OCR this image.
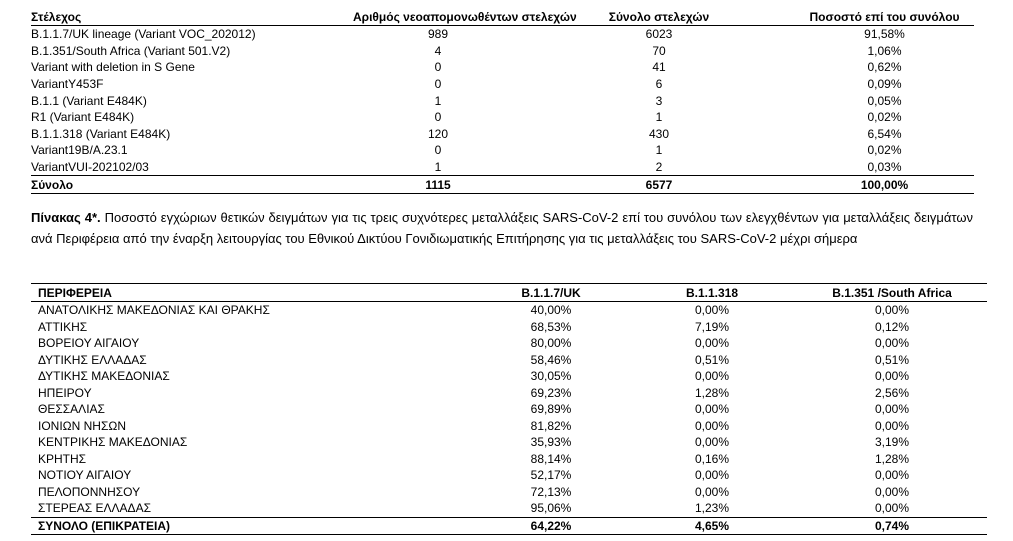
Στέλεχος	Αριθμός νεοαπομονωθέντων στελεχών	Σύνολο στελεχών	Ποσοστό επί του συνόλου
B.1.1.7/UK lineage (Variant VOC_202012)	989	6023	91,58%
B.1.351/South Africa (Variant 501.V2)	4	70	1,06%
Variant with deletion in S Gene	0	41	0,62%
VariantY453F	0	6	0,09%
B.1.1 (Variant E484K)	1	3	0,05%
R1 (Variant E484K)	0	1	0,02%
B.1.1.318 (Variant E484K)	120	430	6,54%
Variant19B/A.23.1	0	1	0,02%
VariantVUI-202102/03	1	2	0,03%
Σύνολο	1115	6577	100,00%
Πίνακας 4*. Ποσοστό εγχώριων θετικών δειγμάτων για τις τρεις συχνότερες μεταλλάξεις SARS-CoV-2 επί του συνόλου των ελεγχθέντων για μεταλλάξεις δειγμάτων ανά Περιφέρεια από την έναρξη λειτουργίας του Εθνικού Δικτύου Γονιδιωματικής Επιτήρησης για τις μεταλλάξεις του SARS-CoV-2 μέχρι σήμερα
ΠΕΡΙΦΕΡΕΙΑ	B.1.1.7/UK	B.1.1.318	B.1.351 /South Africa
ΑΝΑΤΟΛΙΚΗΣ ΜΑΚΕΔΟΝΙΑΣ ΚΑΙ ΘΡΑΚΗΣ	40,00%	0,00%	0,00%
ΑΤΤΙΚΗΣ	68,53%	7,19%	0,12%
ΒΟΡΕΙΟΥ ΑΙΓΑΙΟΥ	80,00%	0,00%	0,00%
ΔΥΤΙΚΗΣ ΕΛΛΑΔΑΣ	58,46%	0,51%	0,51%
ΔΥΤΙΚΗΣ ΜΑΚΕΔΟΝΙΑΣ	30,05%	0,00%	0,00%
ΗΠΕΙΡΟΥ	69,23%	1,28%	2,56%
ΘΕΣΣΑΛΙΑΣ	69,89%	0,00%	0,00%
ΙΟΝΙΩΝ ΝΗΣΩΝ	81,82%	0,00%	0,00%
ΚΕΝΤΡΙΚΗΣ ΜΑΚΕΔΟΝΙΑΣ	35,93%	0,00%	3,19%
ΚΡΗΤΗΣ	88,14%	0,16%	1,28%
ΝΟΤΙΟΥ ΑΙΓΑΙΟΥ	52,17%	0,00%	0,00%
ΠΕΛΟΠΟΝΝΗΣΟΥ	72,13%	0,00%	0,00%
ΣΤΕΡΕΑΣ ΕΛΛΑΔΑΣ	95,06%	1,23%	0,00%
ΣΥΝΟΛΟ (ΕΠΙΚΡΑΤΕΙΑ)	64,22%	4,65%	0,74%
